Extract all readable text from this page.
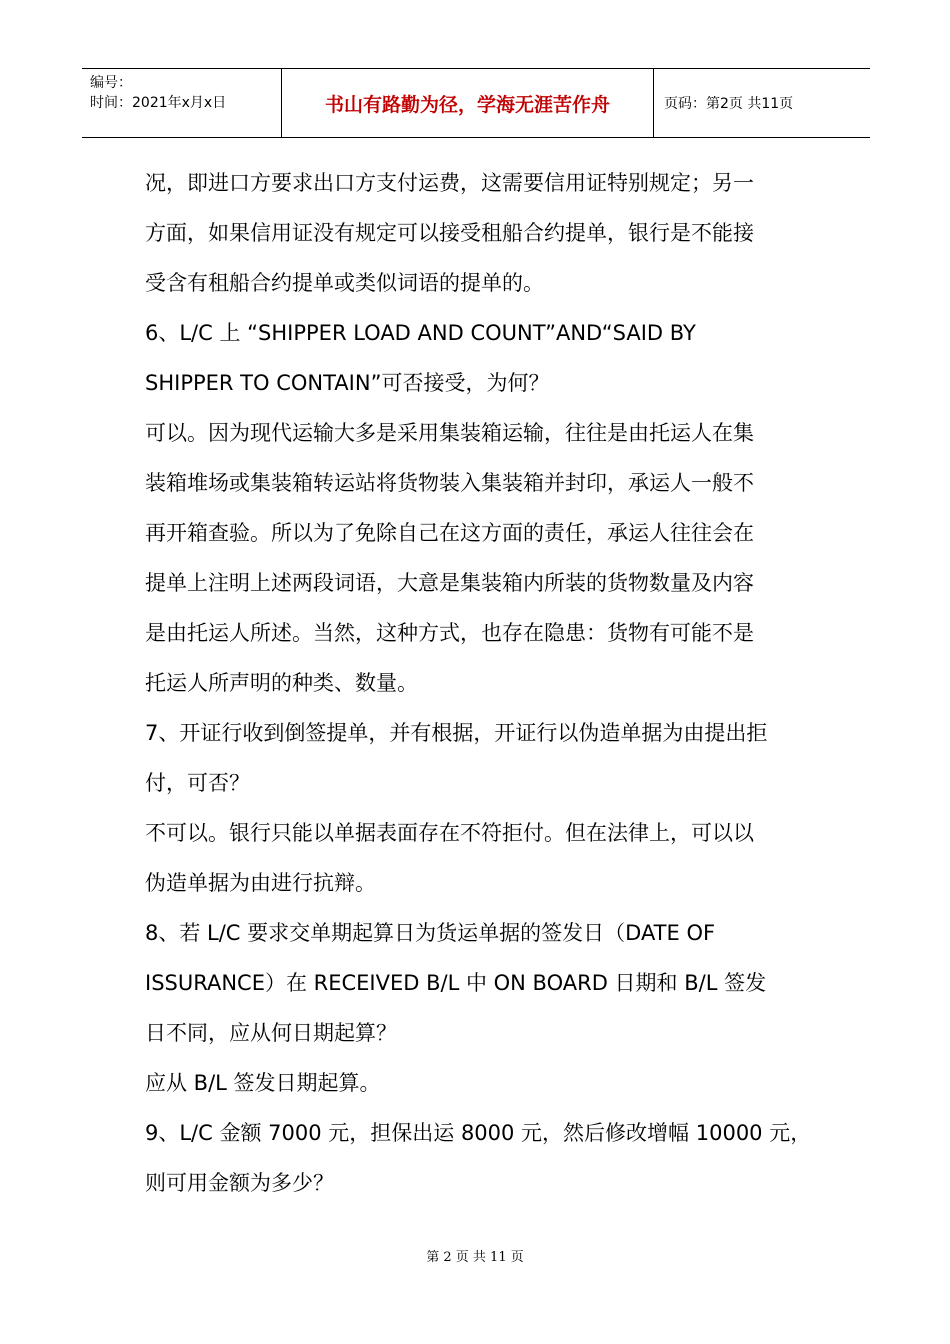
编号：
时间：2021年x月x日	书山有路勤为径，学海无涯苦作舟	页码：第2页 共11页
况，即进口方要求出口方支付运费，这需要信用证特别规定；另一
方面，如果信用证没有规定可以接受租船合约提单，银行是不能接
受含有租船合约提单或类似词语的提单的。
6、L/C 上 “SHIPPER LOAD AND COUNT”AND“SAID BY
SHIPPER TO CONTAIN”可否接受，为何？
可以。因为现代运输大多是采用集装箱运输，往往是由托运人在集
装箱堆场或集装箱转运站将货物装入集装箱并封印，承运人一般不
再开箱查验。所以为了免除自己在这方面的责任，承运人往往会在
提单上注明上述两段词语，大意是集装箱内所装的货物数量及内容
是由托运人所述。当然，这种方式，也存在隐患：货物有可能不是
托运人所声明的种类、数量。
7、开证行收到倒签提单，并有根据，开证行以伪造单据为由提出拒
付，可否？
不可以。银行只能以单据表面存在不符拒付。但在法律上，可以以
伪造单据为由进行抗辩。
8、若 L/C 要求交单期起算日为货运单据的签发日（DATE OF
ISSURANCE）在 RECEIVED B/L 中 ON BOARD 日期和 B/L 签发
日不同，应从何日期起算？
应从 B/L 签发日期起算。
9、L/C 金额 7000 元，担保出运 8000 元，然后修改增幅 10000 元，
则可用金额为多少？
第 2 页 共 11 页
